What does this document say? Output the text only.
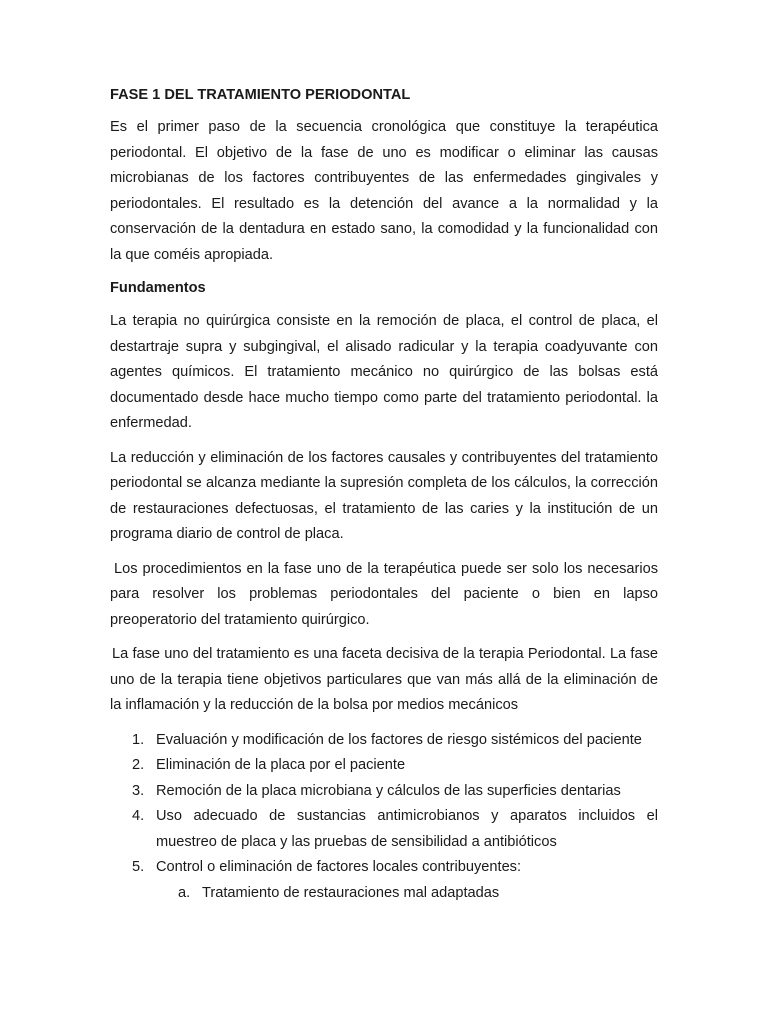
FASE 1 DEL TRATAMIENTO PERIODONTAL

Es el primer paso de la secuencia cronológica que constituye la terapéutica periodontal. El objetivo de la fase de uno es modificar o eliminar las causas microbianas de los factores contribuyentes de las enfermedades gingivales y periodontales. El resultado es la detención del avance a la normalidad y la conservación de la dentadura en estado sano, la comodidad y la funcionalidad con la que coméis apropiada.

Fundamentos

La terapia no quirúrgica consiste en la remoción de placa, el control de placa, el destartraje supra y subgingival, el alisado radicular y la terapia coadyuvante con agentes químicos. El tratamiento mecánico no quirúrgico de las bolsas está documentado desde hace mucho tiempo como parte del tratamiento periodontal. la enfermedad.

La reducción y eliminación de los factores causales y contribuyentes del tratamiento periodontal se alcanza mediante la supresión completa de los cálculos, la corrección de restauraciones defectuosas, el tratamiento de las caries y la institución de un programa diario de control de placa.

Los procedimientos en la fase uno de la terapéutica puede ser solo los necesarios para resolver los problemas periodontales del paciente o bien en lapso preoperatorio del tratamiento quirúrgico.

La fase uno del tratamiento es una faceta decisiva de la terapia Periodontal. La fase uno de la terapia tiene objetivos particulares que van más allá de la eliminación de la inflamación y la reducción de la bolsa por medios mecánicos

1. Evaluación y modificación de los factores de riesgo sistémicos del paciente
2. Eliminación de la placa por el paciente
3. Remoción de la placa microbiana y cálculos de las superficies dentarias
4. Uso adecuado de sustancias antimicrobianos y aparatos incluidos el muestreo de placa y las pruebas de sensibilidad a antibióticos
5. Control o eliminación de factores locales contribuyentes:
a. Tratamiento de restauraciones mal adaptadas
